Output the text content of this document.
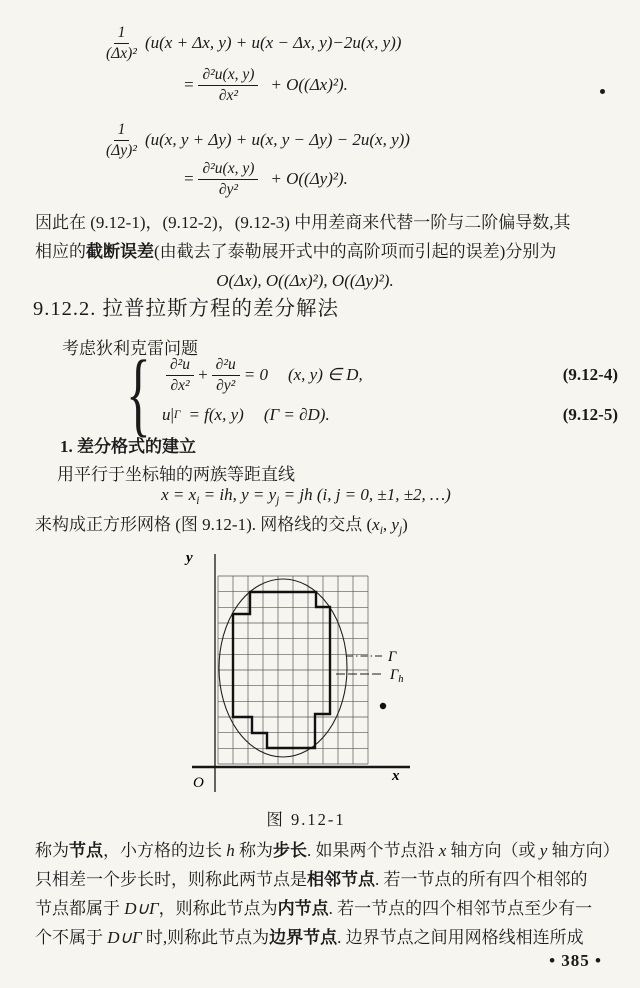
$\frac{1}{\text{(Δx)²}} (u(x + \Delta x$, y) + u(x − Δx, y)−2u(x, y))
= $\frac{\text{∂²u(x, y)}}{\text{∂x²}} + O((\Delta x)^2)$.
$\frac{1}{\text{(Δy)²}} (u(x$, y + Δy) + u(x, y − Δy) − 2u(x, y))
= $\frac{\text{∂²u(x, y)}}{\text{∂y²}} + O((\Delta y)^2)$.
因此在 (9.12-1)，(9.12-2)，(9.12-3) 中用差商来代替一阶与二阶偏导数,其
相应的截断误差(由截去了泰勒展开式中的高阶项而引起的误差)分别为
O(Δx), O((Δx)²), O((Δy)²).
9.12.2. 拉普拉斯方程的差分解法
考虑狄利克雷问题
{ $\frac{\text{∂²u}}{\text{∂x²}} + \frac{\text{∂²u}}{\text{∂y²}} = 0$ (x, y) ∈ D,	(9.12-4)
u | Γ = f(x, y) (Γ = ∂D).	(9.12-5)
1. 差分格式的建立
用平行于坐标轴的两族等距直线
$x = x_i$ = ih, $y = y_j$ = jh (i, j = 0, ±1, ±2, …)
来构成正方形网格 (图 9.12-1). 网格线的交点 ($x_i$, $y_j$)
y
x
O
Γ
$\Gamma_h$
图 9.12-1
称为节点，小方格的边长 h 称为步长. 如果两个节点沿 x 轴方向（或 y 轴方向）
只相差一个步长时，则称此两节点是相邻节点. 若一节点的所有四个相邻的
节点都属于 D∪Γ，则称此节点为内节点. 若一节点的四个相邻节点至少有一
个不属于 D∪Γ 时,则称此节点为边界节点. 边界节点之间用网格线相连所成
• 385 •
